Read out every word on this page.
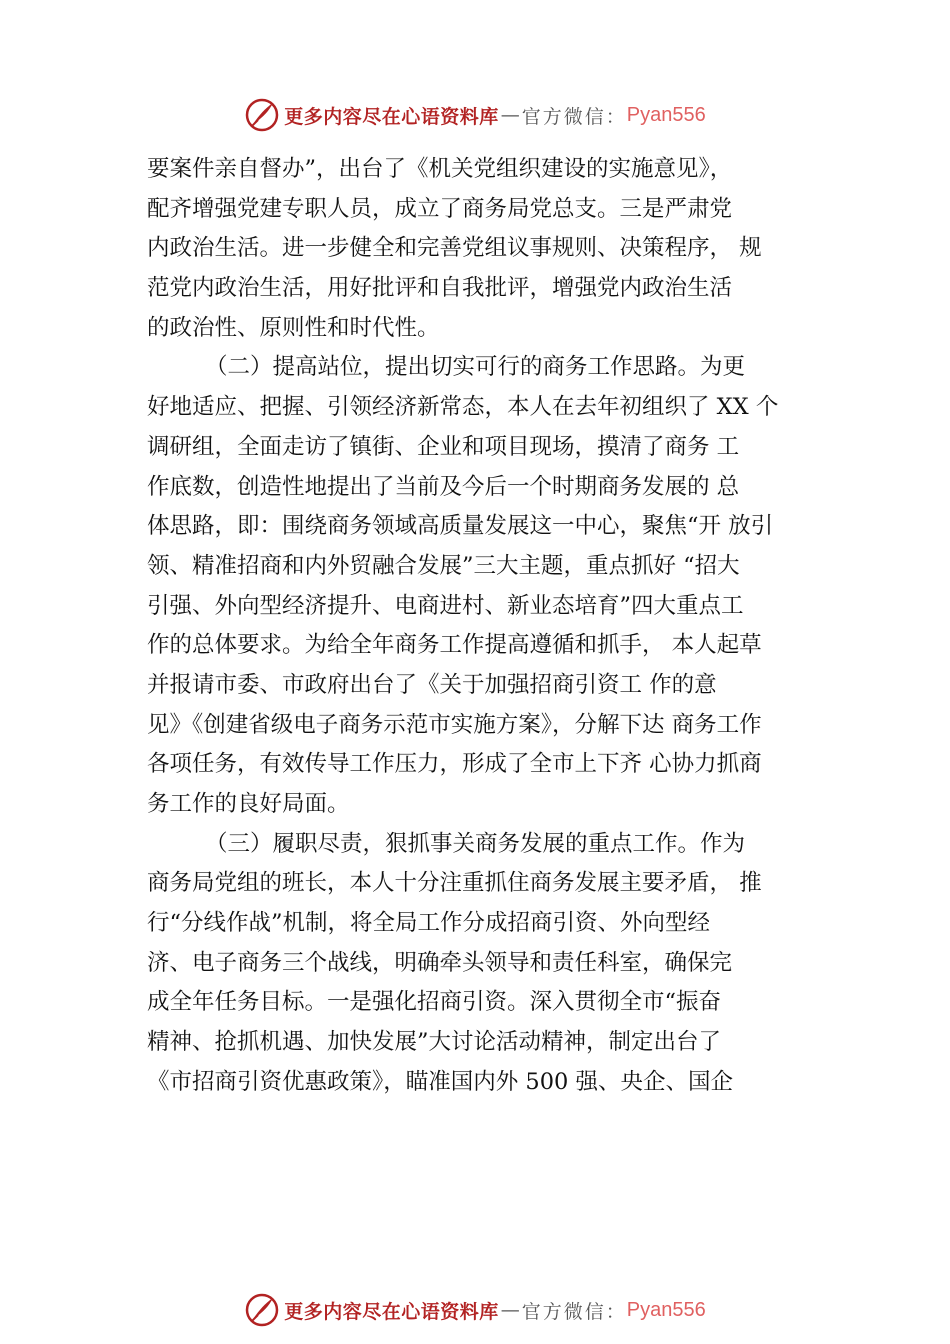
更多内容尽在心语资料库 — 官方微信： Pyan556
要案件亲自督办”，出台了《机关党组织建设的实施意见》，
配齐增强党建专职人员，成立了商务局党总支。三是严肃党
内政治生活。进一步健全和完善党组议事规则、决策程序， 规
范党内政治生活，用好批评和自我批评，增强党内政治生活
的政治性、原则性和时代性。
（二）提高站位，提出切实可行的商务工作思路。为更
好地适应、把握、引领经济新常态，本人在去年初组织了 XX 个
调研组，全面走访了镇街、企业和项目现场，摸清了商务 工
作底数，创造性地提出了当前及今后一个时期商务发展的 总
体思路，即：围绕商务领域高质量发展这一中心，聚焦“开 放引
领、精准招商和内外贸融合发展”三大主题，重点抓好 “招大
引强、外向型经济提升、电商进村、新业态培育”四大重点工
作的总体要求。为给全年商务工作提高遵循和抓手， 本人起草
并报请市委、市政府出台了《关于加强招商引资工 作的意
见》《创建省级电子商务示范市实施方案》，分解下达 商务工作
各项任务，有效传导工作压力，形成了全市上下齐 心协力抓商
务工作的良好局面。
（三）履职尽责，狠抓事关商务发展的重点工作。作为
商务局党组的班长，本人十分注重抓住商务发展主要矛盾， 推
行“分线作战”机制，将全局工作分成招商引资、外向型经
济、电子商务三个战线，明确牵头领导和责任科室，确保完
成全年任务目标。一是强化招商引资。深入贯彻全市“振奋
精神、抢抓机遇、加快发展”大讨论活动精神，制定出台了
《市招商引资优惠政策》，瞄准国内外 500 强、央企、国企
更多内容尽在心语资料库 — 官方微信： Pyan556
